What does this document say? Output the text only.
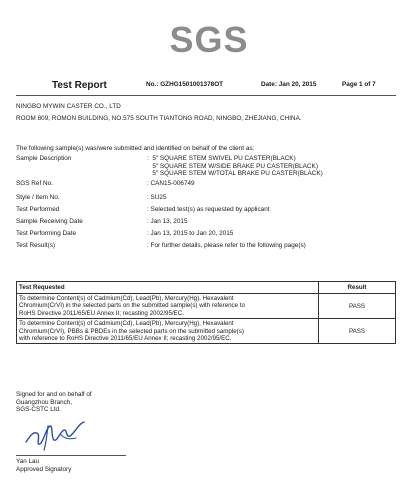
SGS
Test Report	No.: GZHG1501001378OT	Date: Jan 20, 2015	Page 1 of 7
NINGBO MYWIN CASTER CO., LTD
ROOM 809, ROMON BUILDING, NO.575 SOUTH TIANTONG ROAD, NINGBO, ZHEJIANG, CHINA.
The following sample(s) was/were submitted and identified on behalf of the client as:
Sample Description	:  5" SQUARE STEM SWIVEL PU CASTER(BLACK)
5" SQUARE STEM W/SIDE BRAKE PU CASTER(BLACK)
5" SQUARE STEM W/TOTAL BRAKE PU CASTER(BLACK)
SGS Ref No.	: CAN15-006749
Style / Item No.	: SU25
Test Performed	: Selected test(s) as requested by applicant
Sample Receiving Date	: Jan 13, 2015
Test Performing Date	: Jan 13, 2015 to Jan 20, 2015
Test Result(s)	: For further details, please refer to the following page(s)
Test Requested	Result

To determine Content(s) of Cadmium(Cd), Lead(Pb), Mercury(Hg), Hexavalent
Chromium(CrVI) in the selected parts on the submitted sample(s) with reference to
RoHS Directive 2011/65/EU Annex II; recasting 2002/95/EC.	PASS

To determine Content(s) of Cadmium(Cd), Lead(Pb), Mercury(Hg), Hexavalent
Chromium(CrVI), PBBs & PBDEs in the selected parts on the submitted sample(s)
with reference to RoHS Directive 2011/65/EU Annex II; recasting 2002/95/EC.	PASS
Signed for and on behalf of
Guangzhou Branch,
SGS-CSTC Ltd.
Yan Lau
Approved Signatory
